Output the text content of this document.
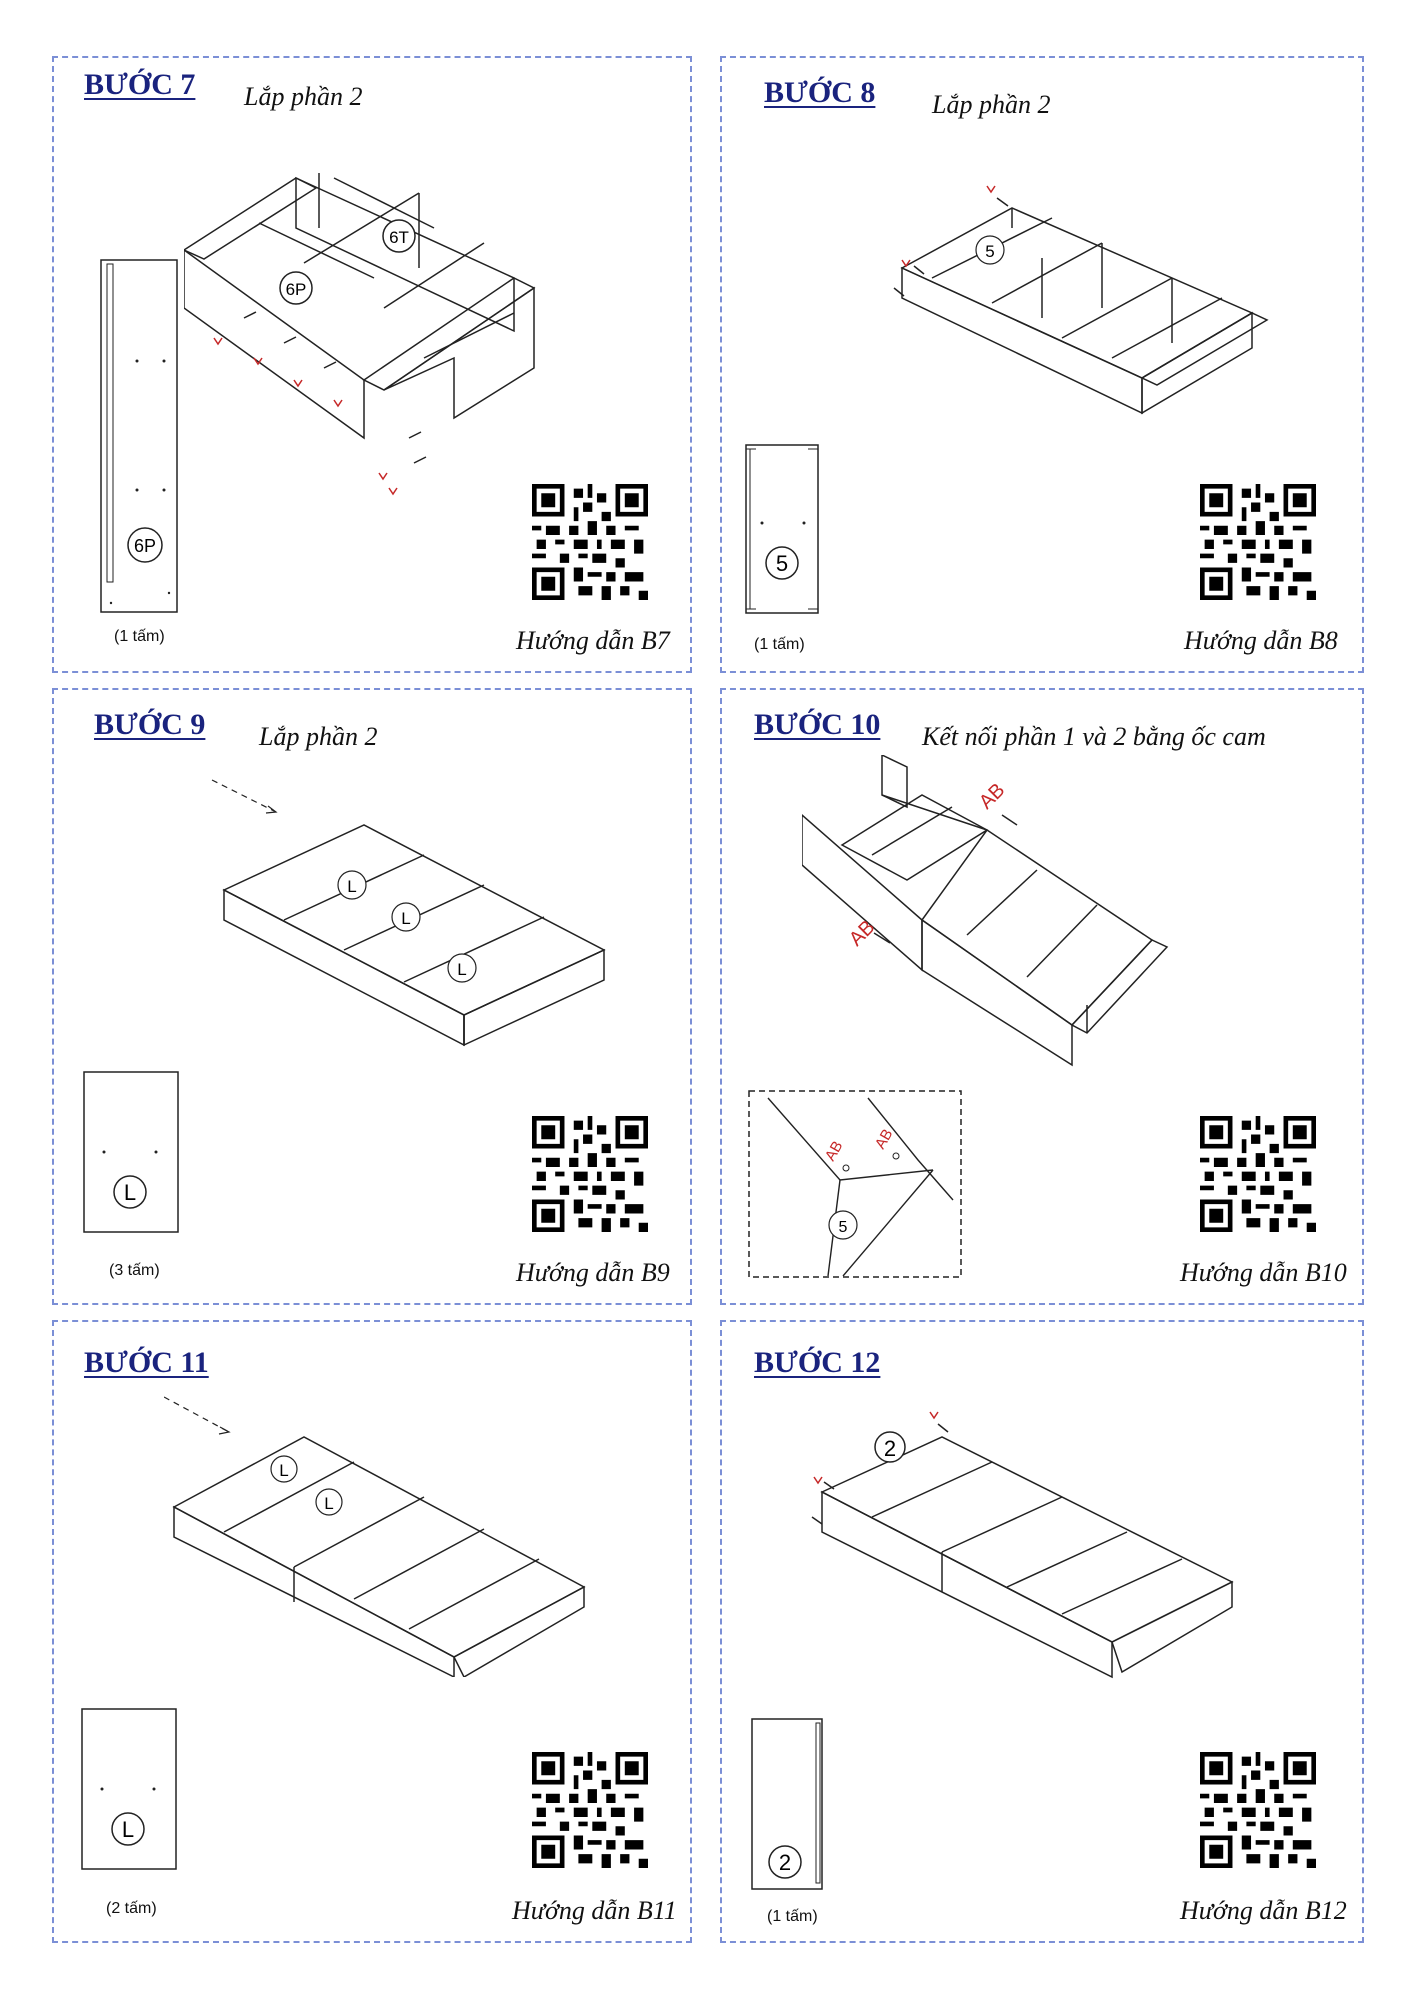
BƯỚC 7 Lắp phần 2
6P
(1 tấm)
6T
6P
Hướng dẫn B7
BƯỚC 8 Lắp phần 2
5
(1 tấm)
5
Hướng dẫn B8
BƯỚC 9 Lắp phần 2
L
(3 tấm)
L
L
L
Hướng dẫn B9
BƯỚC 10 Kết nối phần 1 và 2 bằng ốc cam
AB
AB
AB AB
5
Hướng dẫn B10
BƯỚC 11
L
(2 tấm)
L
L
Hướng dẫn B11
BƯỚC 12
2
(1 tấm)
2
Hướng dẫn B12
